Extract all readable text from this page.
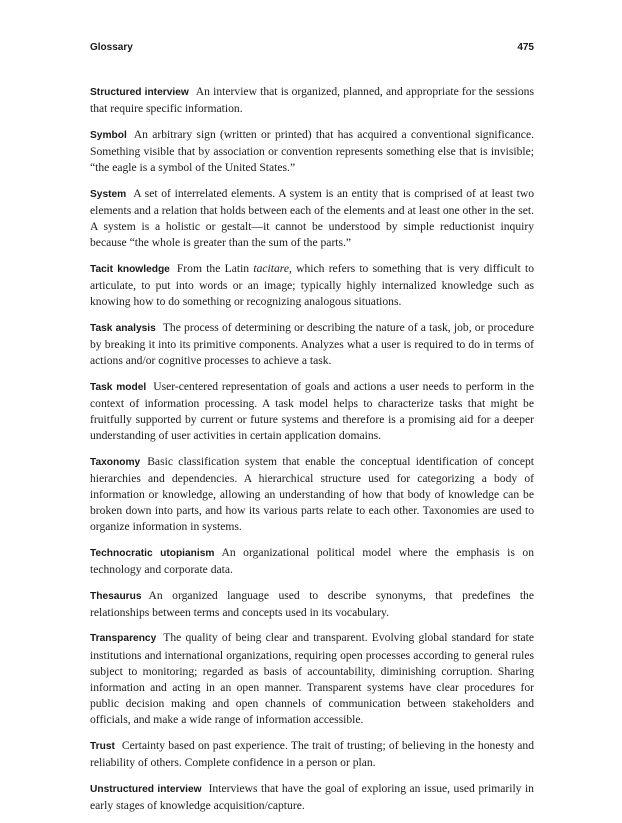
Glossary	475

Structured interview An interview that is organized, planned, and appropriate for the sessions that require specific information.

Symbol An arbitrary sign (written or printed) that has acquired a conventional significance. Something visible that by association or convention represents something else that is invisible; “the eagle is a symbol of the United States.”

System A set of interrelated elements. A system is an entity that is comprised of at least two elements and a relation that holds between each of the elements and at least one other in the set. A system is a holistic or gestalt—it cannot be understood by simple reductionist inquiry because “the whole is greater than the sum of the parts.”

Tacit knowledge From the Latin tacitare, which refers to something that is very difficult to articulate, to put into words or an image; typically highly internalized knowledge such as knowing how to do something or recognizing analogous situations.

Task analysis The process of determining or describing the nature of a task, job, or procedure by breaking it into its primitive components. Analyzes what a user is required to do in terms of actions and/or cognitive processes to achieve a task.

Task model User-centered representation of goals and actions a user needs to perform in the context of information processing. A task model helps to characterize tasks that might be fruitfully supported by current or future systems and therefore is a promising aid for a deeper understanding of user activities in certain application domains.

Taxonomy Basic classification system that enable the conceptual identification of concept hierarchies and dependencies. A hierarchical structure used for categorizing a body of information or knowledge, allowing an understanding of how that body of knowledge can be broken down into parts, and how its various parts relate to each other. Taxonomies are used to organize information in systems.

Technocratic utopianism An organizational political model where the emphasis is on technology and corporate data.

Thesaurus An organized language used to describe synonyms, that predefines the relationships between terms and concepts used in its vocabulary.

Transparency The quality of being clear and transparent. Evolving global standard for state institutions and international organizations, requiring open processes according to general rules subject to monitoring; regarded as basis of accountability, diminishing corruption. Sharing information and acting in an open manner. Transparent systems have clear procedures for public decision making and open channels of communication between stakeholders and officials, and make a wide range of information accessible.

Trust Certainty based on past experience. The trait of trusting; of believing in the honesty and reliability of others. Complete confidence in a person or plan.

Unstructured interview Interviews that have the goal of exploring an issue, used primarily in early stages of knowledge acquisition/capture.
